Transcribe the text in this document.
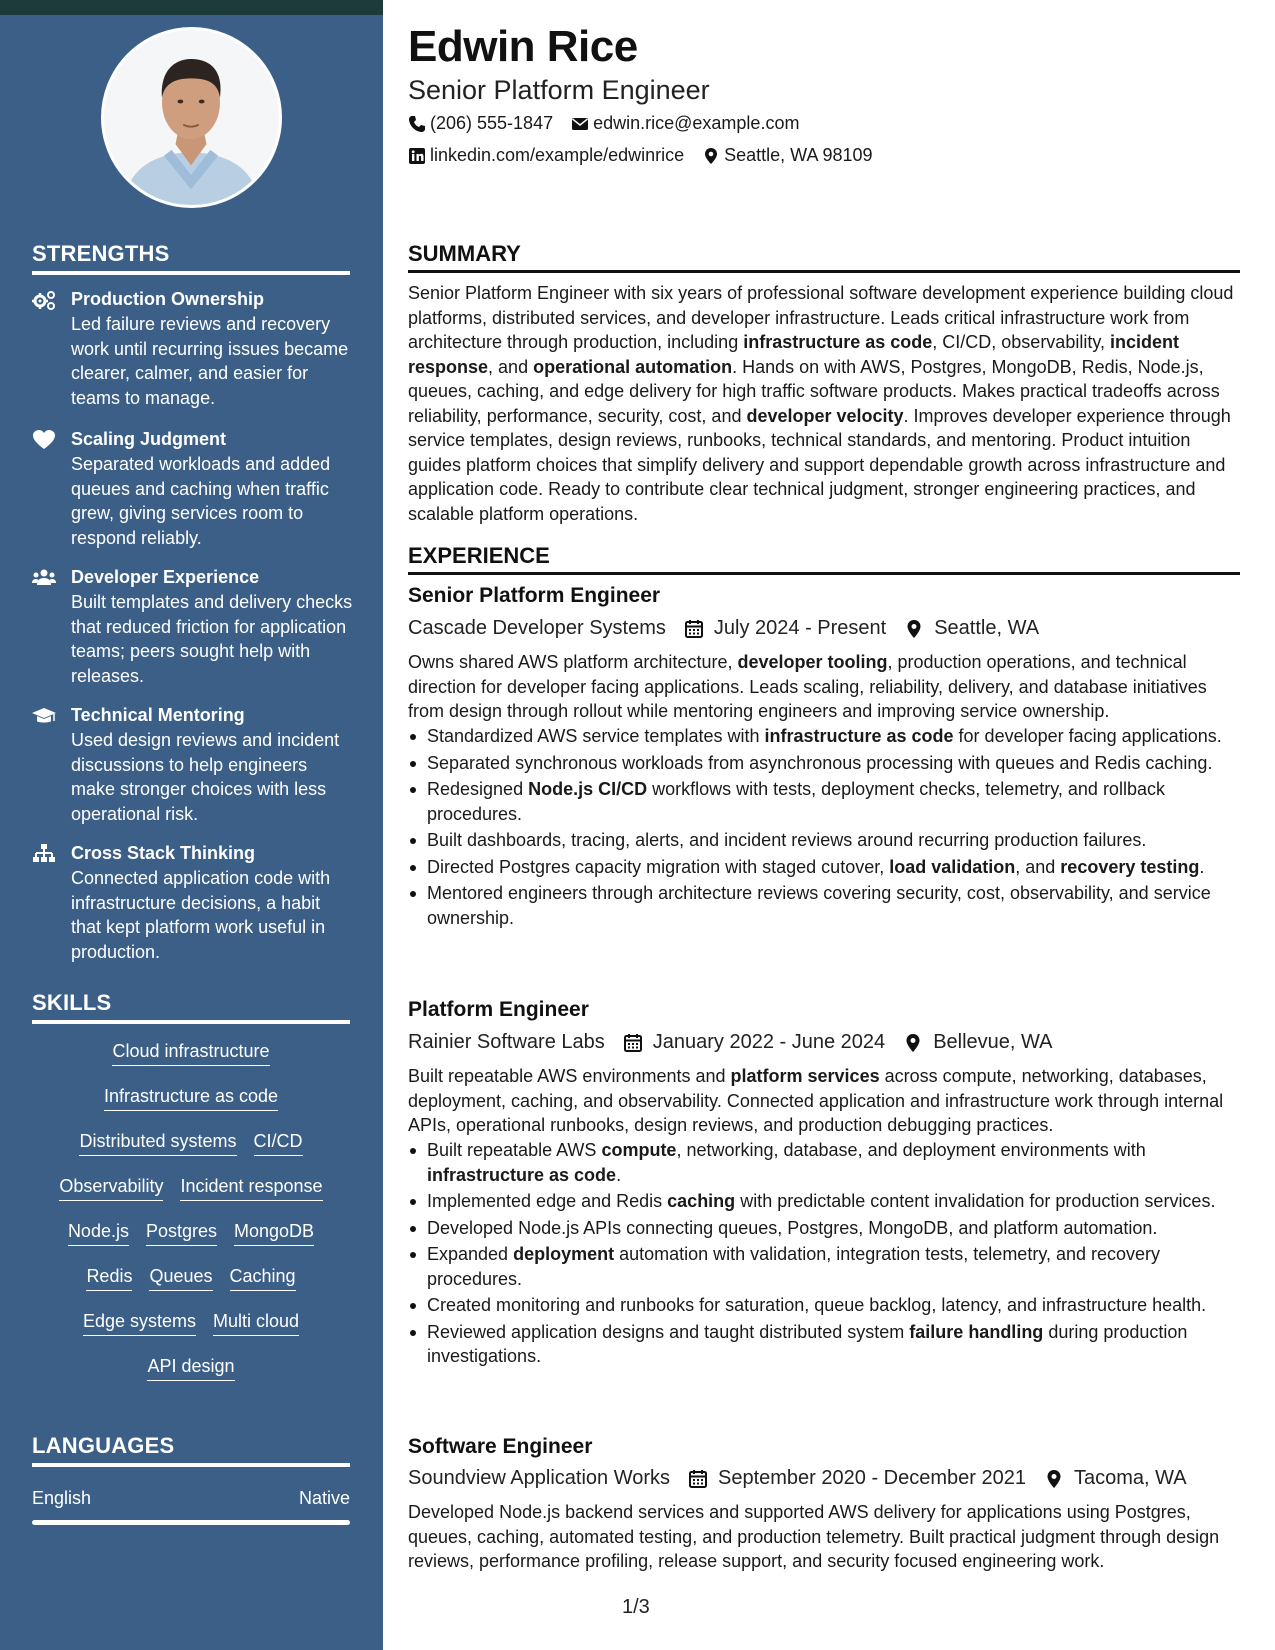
STRENGTHS
Production Ownership
Led failure reviews and recovery work until recurring issues became clearer, calmer, and easier for teams to manage.
Scaling Judgment
Separated workloads and added queues and caching when traffic grew, giving services room to respond reliably.
Developer Experience
Built templates and delivery checks that reduced friction for application teams; peers sought help with releases.
Technical Mentoring
Used design reviews and incident discussions to help engineers make stronger choices with less operational risk.
Cross Stack Thinking
Connected application code with infrastructure decisions, a habit that kept platform work useful in production.
SKILLS
Cloud infrastructure
Infrastructure as code
Distributed systems CI/CD
Observability Incident response
Node.js Postgres MongoDB
Redis Queues Caching
Edge systems Multi cloud
API design
LANGUAGES
English	Native
Edwin Rice
Senior Platform Engineer
(206) 555-1847 edwin.rice@example.com
linkedin.com/example/edwinrice Seattle, WA 98109
SUMMARY
Senior Platform Engineer with six years of professional software development experience building cloud platforms, distributed services, and developer infrastructure. Leads critical infrastructure work from architecture through production, including infrastructure as code, CI/CD, observability, incident response, and operational automation. Hands on with AWS, Postgres, MongoDB, Redis, Node.js, queues, caching, and edge delivery for high traffic software products. Makes practical tradeoffs across reliability, performance, security, cost, and developer velocity. Improves developer experience through service templates, design reviews, runbooks, technical standards, and mentoring. Product intuition guides platform choices that simplify delivery and support dependable growth across infrastructure and application code. Ready to contribute clear technical judgment, stronger engineering practices, and scalable platform operations.
EXPERIENCE
Senior Platform Engineer
Cascade Developer Systems July 2024 - Present Seattle, WA
Owns shared AWS platform architecture, developer tooling, production operations, and technical direction for developer facing applications. Leads scaling, reliability, delivery, and database initiatives from design through rollout while mentoring engineers and improving service ownership.
Standardized AWS service templates with infrastructure as code for developer facing applications.
Separated synchronous workloads from asynchronous processing with queues and Redis caching.
Redesigned Node.js CI/CD workflows with tests, deployment checks, telemetry, and rollback procedures.
Built dashboards, tracing, alerts, and incident reviews around recurring production failures.
Directed Postgres capacity migration with staged cutover, load validation, and recovery testing.
Mentored engineers through architecture reviews covering security, cost, observability, and service ownership.
Platform Engineer
Rainier Software Labs January 2022 - June 2024 Bellevue, WA
Built repeatable AWS environments and platform services across compute, networking, databases, deployment, caching, and observability. Connected application and infrastructure work through internal APIs, operational runbooks, design reviews, and production debugging practices.
Built repeatable AWS compute, networking, database, and deployment environments with infrastructure as code.
Implemented edge and Redis caching with predictable content invalidation for production services.
Developed Node.js APIs connecting queues, Postgres, MongoDB, and platform automation.
Expanded deployment automation with validation, integration tests, telemetry, and recovery procedures.
Created monitoring and runbooks for saturation, queue backlog, latency, and infrastructure health.
Reviewed application designs and taught distributed system failure handling during production investigations.
Software Engineer
Soundview Application Works September 2020 - December 2021 Tacoma, WA
Developed Node.js backend services and supported AWS delivery for applications using Postgres, queues, caching, automated testing, and production telemetry. Built practical judgment through design reviews, performance profiling, release support, and security focused engineering work.
1/3
